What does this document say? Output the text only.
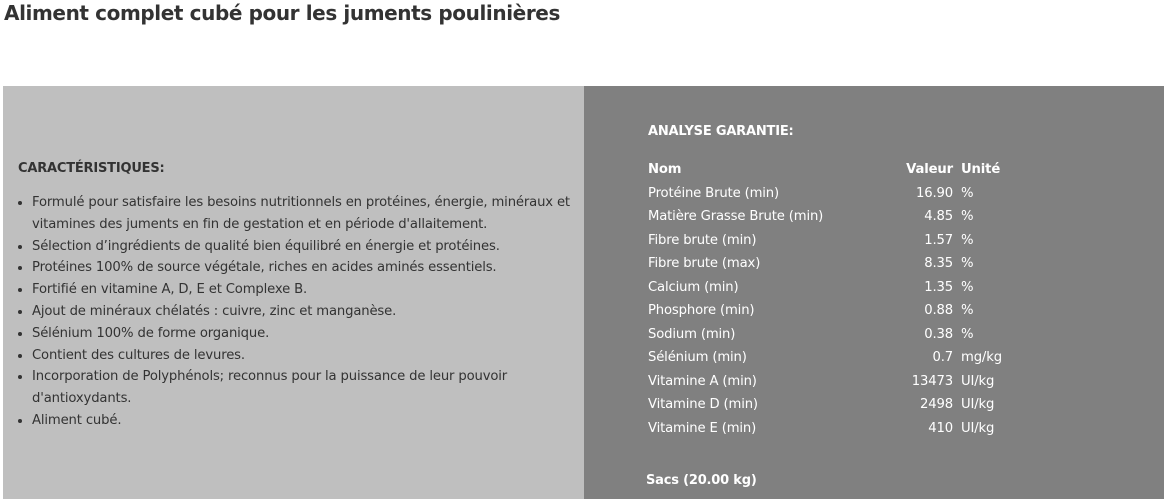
Aliment complet cubé pour les juments poulinières
CARACTÉRISTIQUES:
• Formulé pour satisfaire les besoins nutritionnels en protéines, énergie, minéraux et vitamines des juments en fin de gestation et en période d'allaitement.
• Sélection d’ingrédients de qualité bien équilibré en énergie et protéines.
• Protéines 100% de source végétale, riches en acides aminés essentiels.
• Fortifié en vitamine A, D, E et Complexe B.
• Ajout de minéraux chélatés : cuivre, zinc et manganèse.
• Sélénium 100% de forme organique.
• Contient des cultures de levures.
• Incorporation de Polyphénols; reconnus pour la puissance de leur pouvoir d'antioxydants.
• Aliment cubé.
ANALYSE GARANTIE:
Nom	Valeur	Unité
Protéine Brute (min)	16.90	%
Matière Grasse Brute (min)	4.85	%
Fibre brute (min)	1.57	%
Fibre brute (max)	8.35	%
Calcium (min)	1.35	%
Phosphore (min)	0.88	%
Sodium (min)	0.38	%
Sélénium (min)	0.7	mg/kg
Vitamine A (min)	13473	UI/kg
Vitamine D (min)	2498	UI/kg
Vitamine E (min)	410	UI/kg
Sacs (20.00 kg)
